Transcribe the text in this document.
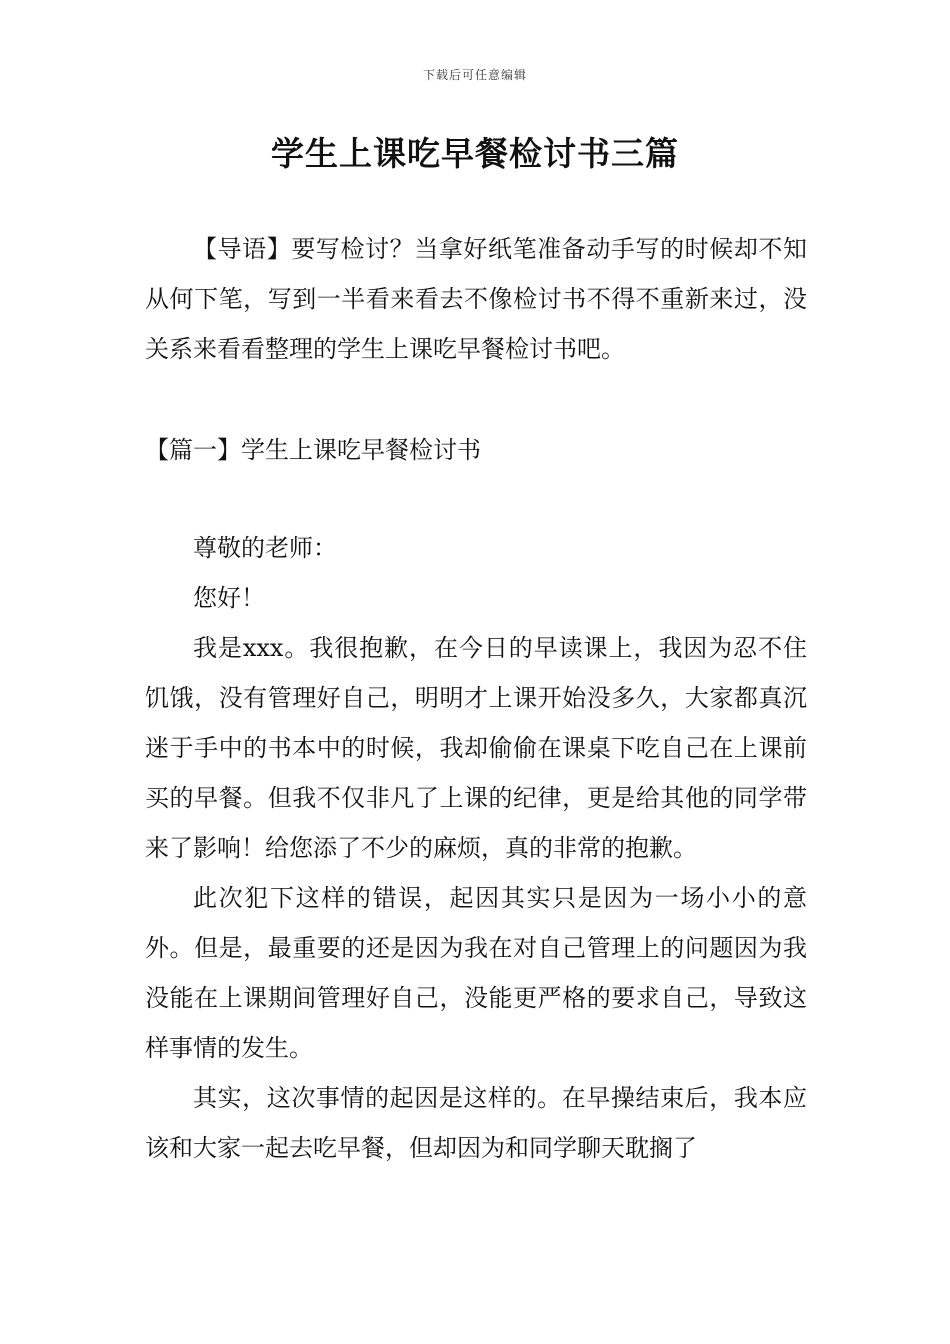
下载后可任意编辑
学生上课吃早餐检讨书三篇

【导语】要写检讨？当拿好纸笔准备动手写的时候却不知从何下笔，写到一半看来看去不像检讨书不得不重新来过，没关系来看看整理的学生上课吃早餐检讨书吧。

【篇一】学生上课吃早餐检讨书

尊敬的老师：

您好！

我是xxx。我很抱歉，在今日的早读课上，我因为忍不住饥饿，没有管理好自己，明明才上课开始没多久，大家都真沉迷于手中的书本中的时候，我却偷偷在课桌下吃自己在上课前买的早餐。但我不仅非凡了上课的纪律，更是给其他的同学带来了影响！给您添了不少的麻烦，真的非常的抱歉。

此次犯下这样的错误，起因其实只是因为一场小小的意外。但是，最重要的还是因为我在对自己管理上的问题因为我没能在上课期间管理好自己，没能更严格的要求自己，导致这样事情的发生。

其实，这次事情的起因是这样的。在早操结束后，我本应该和大家一起去吃早餐，但却因为和同学聊天耽搁了
